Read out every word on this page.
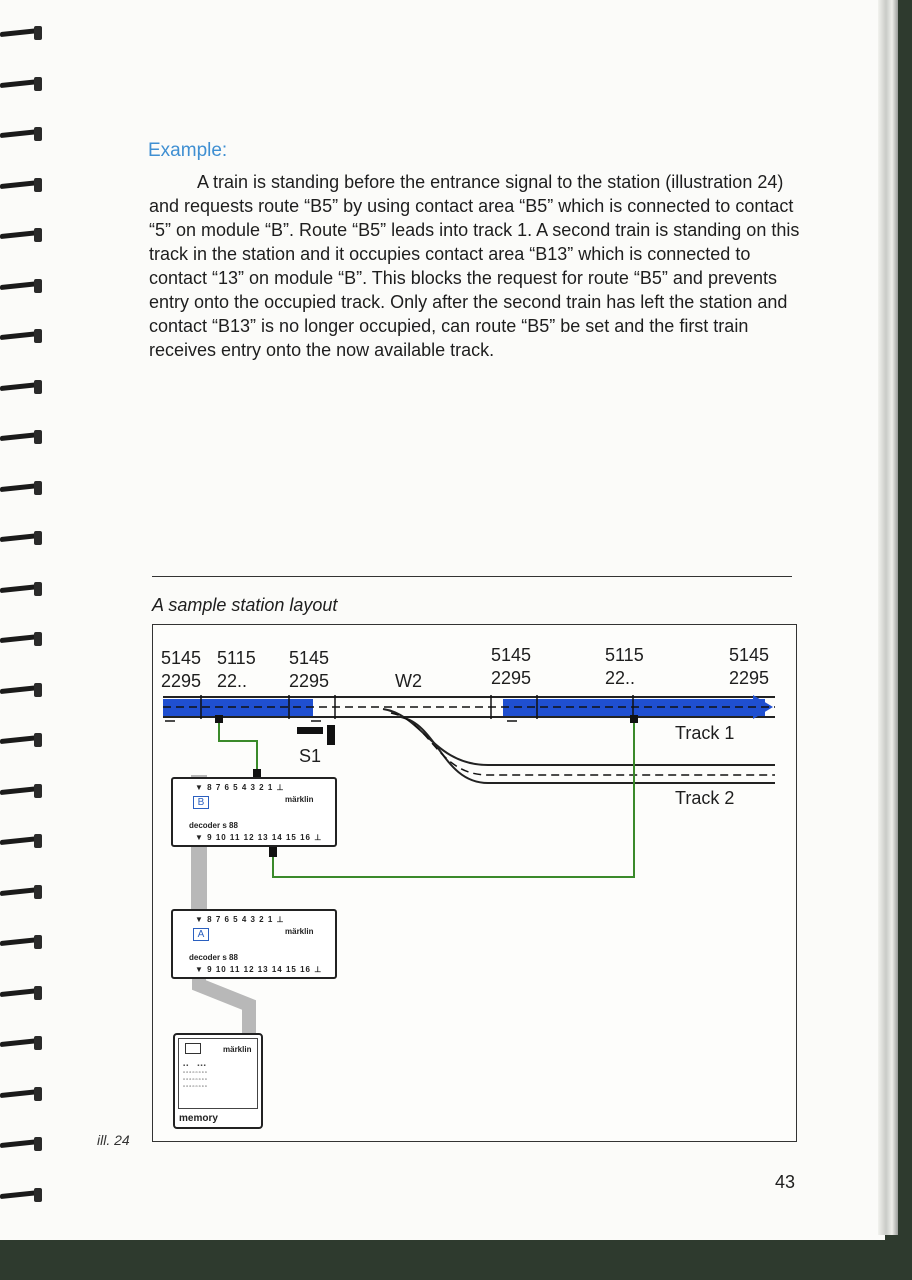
Example:

A train is standing before the entrance signal to the station (illustration 24) and requests route “B5” by using contact area “B5” which is connected to contact “5” on module “B”. Route “B5” leads into track 1. A second train is standing on this track in the station and it occupies contact area “B13” which is connected to contact “13” on module “B”. This blocks the request for route “B5” and prevents entry onto the occupied track. Only after the second train has left the station and contact “B13” is no longer occupied, can route “B5” be set and the first train receives entry onto the now available track.

A sample station layout
5145
2295
5115
22..
5145
2295	W2
5145
2295
5115
22..
5145
2295
S1
Track 1
Track 2
▼ 8 7 6 5 4 3 2 1 ⊥
B	märklin
decoder s 88
▼ 9 10 11 12 13 14 15 16 ⊥
▼ 8 7 6 5 4 3 2 1 ⊥
A	märklin
decoder s 88
▼ 9 10 11 12 13 14 15 16 ⊥
märklin
▪▪   ▪▪▪
▫▫▫▫▫▫▫▫
▫▫▫▫▫▫▫▫
▫▫▫▫▫▫▫▫
memory
ill. 24
43
